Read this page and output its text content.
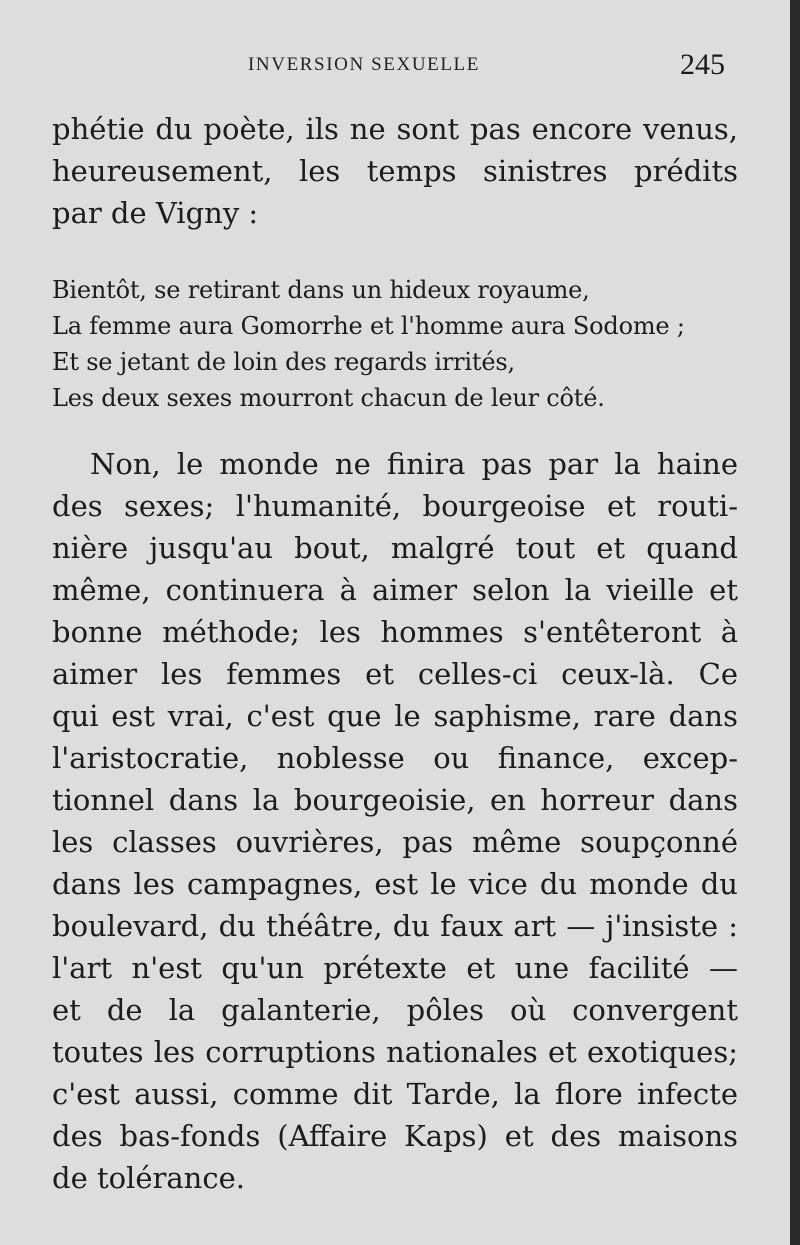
INVERSION SEXUELLE	245
phétie du poète, ils ne sont pas encore venus,
heureusement, les temps sinistres prédits
par de Vigny :
Bientôt, se retirant dans un hideux royaume,
La femme aura Gomorrhe et l'homme aura Sodome ;
Et se jetant de loin des regards irrités,
Les deux sexes mourront chacun de leur côté.
Non, le monde ne finira pas par la haine
des sexes; l'humanité, bourgeoise et routi-
nière jusqu'au bout, malgré tout et quand
même, continuera à aimer selon la vieille et
bonne méthode; les hommes s'entêteront à
aimer les femmes et celles-ci ceux-là. Ce
qui est vrai, c'est que le saphisme, rare dans
l'aristocratie, noblesse ou finance, excep-
tionnel dans la bourgeoisie, en horreur dans
les classes ouvrières, pas même soupçonné
dans les campagnes, est le vice du monde du
boulevard, du théâtre, du faux art — j'insiste :
l'art n'est qu'un prétexte et une facilité —
et de la galanterie, pôles où convergent
toutes les corruptions nationales et exotiques;
c'est aussi, comme dit Tarde, la flore infecte
des bas-fonds (Affaire Kaps) et des maisons
de tolérance.
